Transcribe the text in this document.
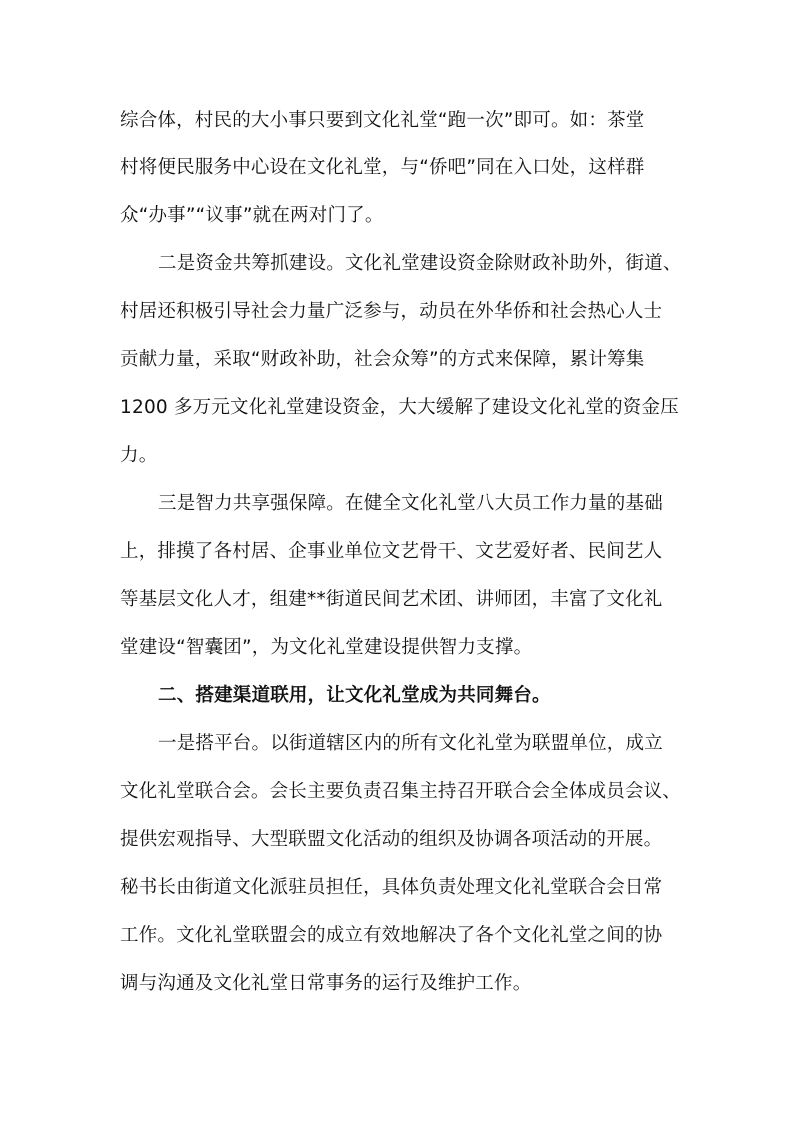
综合体，村民的大小事只要到文化礼堂“跑一次”即可。如：茶堂
村将便民服务中心设在文化礼堂，与“侨吧”同在入口处，这样群
众“办事”“议事”就在两对门了。
二是资金共筹抓建设。文化礼堂建设资金除财政补助外，街道、
村居还积极引导社会力量广泛参与，动员在外华侨和社会热心人士
贡献力量，采取“财政补助，社会众筹”的方式来保障，累计筹集
1200 多万元文化礼堂建设资金，大大缓解了建设文化礼堂的资金压
力。
三是智力共享强保障。在健全文化礼堂八大员工作力量的基础
上，排摸了各村居、企事业单位文艺骨干、文艺爱好者、民间艺人
等基层文化人才，组建**街道民间艺术团、讲师团，丰富了文化礼
堂建设“智囊团”，为文化礼堂建设提供智力支撑。
二、搭建渠道联用，让文化礼堂成为共同舞台。
一是搭平台。以街道辖区内的所有文化礼堂为联盟单位，成立
文化礼堂联合会。会长主要负责召集主持召开联合会全体成员会议、
提供宏观指导、大型联盟文化活动的组织及协调各项活动的开展。
秘书长由街道文化派驻员担任，具体负责处理文化礼堂联合会日常
工作。文化礼堂联盟会的成立有效地解决了各个文化礼堂之间的协
调与沟通及文化礼堂日常事务的运行及维护工作。
